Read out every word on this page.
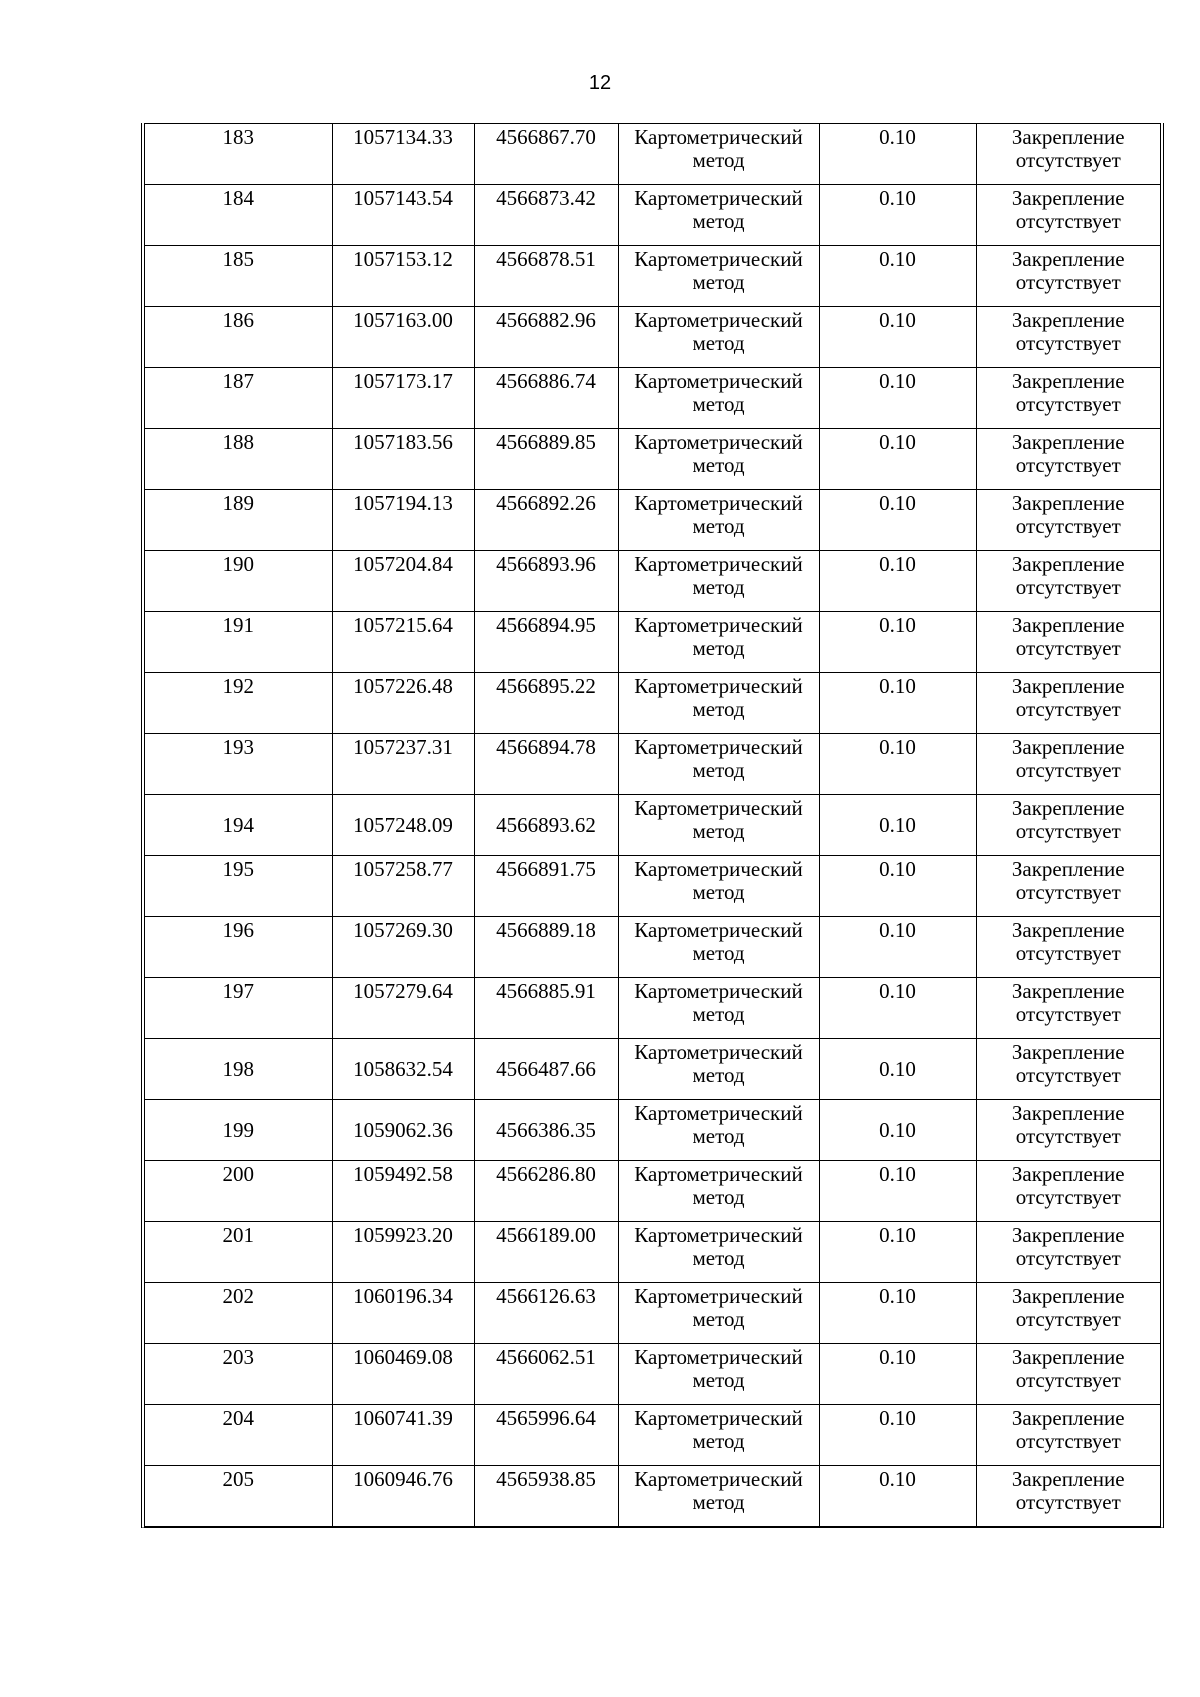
12
183	1057134.33	4566867.70	Картометрический метод	0.10	Закрепление отсутствует
184	1057143.54	4566873.42	Картометрический метод	0.10	Закрепление отсутствует
185	1057153.12	4566878.51	Картометрический метод	0.10	Закрепление отсутствует
186	1057163.00	4566882.96	Картометрический метод	0.10	Закрепление отсутствует
187	1057173.17	4566886.74	Картометрический метод	0.10	Закрепление отсутствует
188	1057183.56	4566889.85	Картометрический метод	0.10	Закрепление отсутствует
189	1057194.13	4566892.26	Картометрический метод	0.10	Закрепление отсутствует
190	1057204.84	4566893.96	Картометрический метод	0.10	Закрепление отсутствует
191	1057215.64	4566894.95	Картометрический метод	0.10	Закрепление отсутствует
192	1057226.48	4566895.22	Картометрический метод	0.10	Закрепление отсутствует
193	1057237.31	4566894.78	Картометрический метод	0.10	Закрепление отсутствует
194	1057248.09	4566893.62	Картометрический метод	0.10	Закрепление отсутствует
195	1057258.77	4566891.75	Картометрический метод	0.10	Закрепление отсутствует
196	1057269.30	4566889.18	Картометрический метод	0.10	Закрепление отсутствует
197	1057279.64	4566885.91	Картометрический метод	0.10	Закрепление отсутствует
198	1058632.54	4566487.66	Картометрический метод	0.10	Закрепление отсутствует
199	1059062.36	4566386.35	Картометрический метод	0.10	Закрепление отсутствует
200	1059492.58	4566286.80	Картометрический метод	0.10	Закрепление отсутствует
201	1059923.20	4566189.00	Картометрический метод	0.10	Закрепление отсутствует
202	1060196.34	4566126.63	Картометрический метод	0.10	Закрепление отсутствует
203	1060469.08	4566062.51	Картометрический метод	0.10	Закрепление отсутствует
204	1060741.39	4565996.64	Картометрический метод	0.10	Закрепление отсутствует
205	1060946.76	4565938.85	Картометрический метод	0.10	Закрепление отсутствует
